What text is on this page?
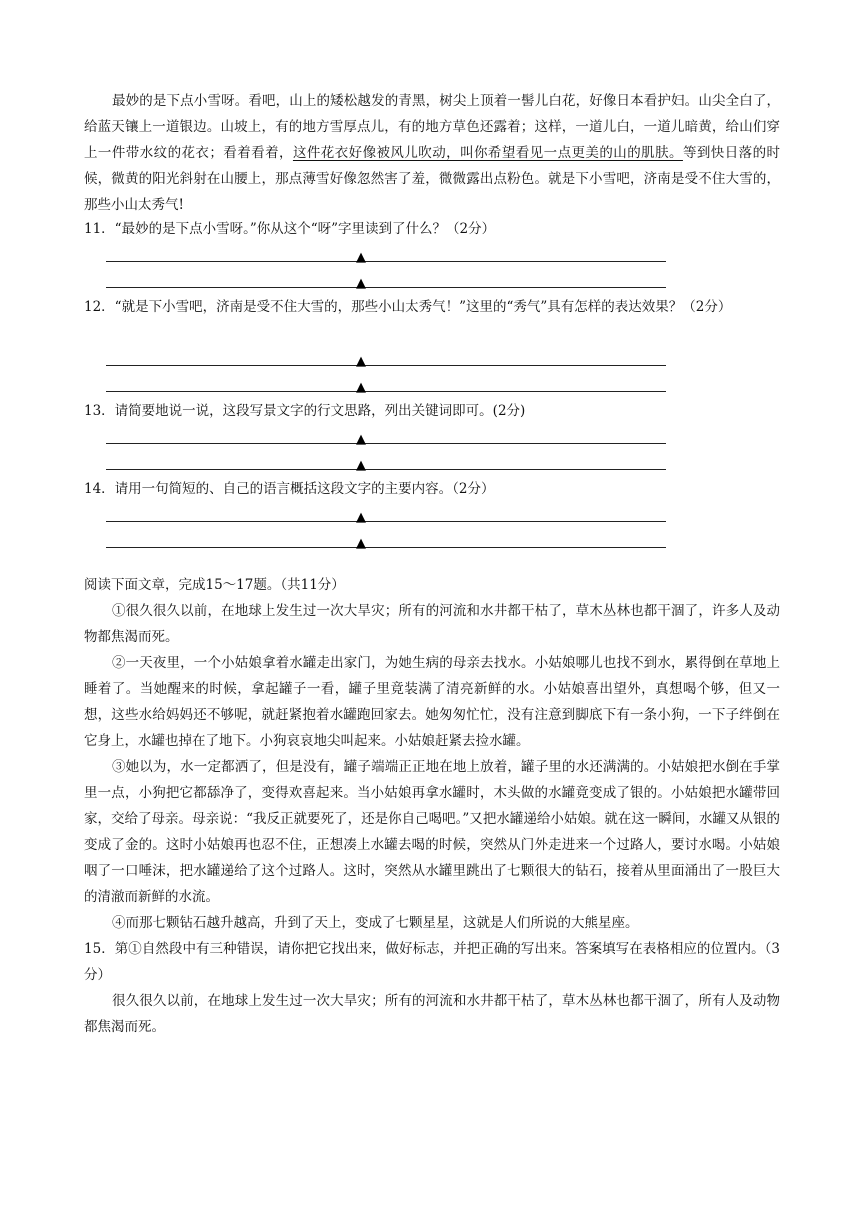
最妙的是下点小雪呀。看吧，山上的矮松越发的青黑，树尖上顶着一髻儿白花，好像日本看护妇。山尖全白了，给蓝天镶上一道银边。山坡上，有的地方雪厚点儿，有的地方草色还露着；这样，一道儿白，一道儿暗黄，给山们穿上一件带水纹的花衣；看着看着，这件花衣好像被风儿吹动，叫你希望看见一点更美的山的肌肤。等到快日落的时候，微黄的阳光斜射在山腰上，那点薄雪好像忽然害了羞，微微露出点粉色。就是下小雪吧，济南是受不住大雪的，那些小山太秀气!

11．“最妙的是下点小雪呀。”你从这个“呀”字里读到了什么？（2分）

▲
▲

12．“就是下小雪吧，济南是受不住大雪的，那些小山太秀气！”这里的“秀气”具有怎样的表达效果？（2分）

▲
▲

13．请简要地说一说，这段写景文字的行文思路，列出关键词即可。(2分)

▲
▲

14．请用一句简短的、自己的语言概括这段文字的主要内容。（2分）

▲
▲

阅读下面文章，完成15～17题。（共11分）

①很久很久以前，在地球上发生过一次大旱灾；所有的河流和水井都干枯了，草木丛林也都干涸了，许多人及动物都焦渴而死。

②一天夜里，一个小姑娘拿着水罐走出家门，为她生病的母亲去找水。小姑娘哪儿也找不到水，累得倒在草地上睡着了。当她醒来的时候，拿起罐子一看，罐子里竟装满了清亮新鲜的水。小姑娘喜出望外，真想喝个够，但又一想，这些水给妈妈还不够呢，就赶紧抱着水罐跑回家去。她匆匆忙忙，没有注意到脚底下有一条小狗，一下子绊倒在它身上，水罐也掉在了地下。小狗哀哀地尖叫起来。小姑娘赶紧去捡水罐。

③她以为，水一定都洒了，但是没有，罐子端端正正地在地上放着，罐子里的水还满满的。小姑娘把水倒在手掌里一点，小狗把它都舔净了，变得欢喜起来。当小姑娘再拿水罐时，木头做的水罐竟变成了银的。小姑娘把水罐带回家，交给了母亲。母亲说：“我反正就要死了，还是你自己喝吧。”又把水罐递给小姑娘。就在这一瞬间，水罐又从银的变成了金的。这时小姑娘再也忍不住，正想凑上水罐去喝的时候，突然从门外走进来一个过路人，要讨水喝。小姑娘咽了一口唾沫，把水罐递给了这个过路人。这时，突然从水罐里跳出了七颗很大的钻石，接着从里面涌出了一股巨大的清澈而新鲜的水流。

④而那七颗钻石越升越高，升到了天上，变成了七颗星星，这就是人们所说的大熊星座。

15．第①自然段中有三种错误，请你把它找出来，做好标志，并把正确的写出来。答案填写在表格相应的位置内。（3分）

很久很久以前，在地球上发生过一次大旱灾；所有的河流和水井都干枯了，草木丛林也都干涸了，所有人及动物都焦渴而死。
